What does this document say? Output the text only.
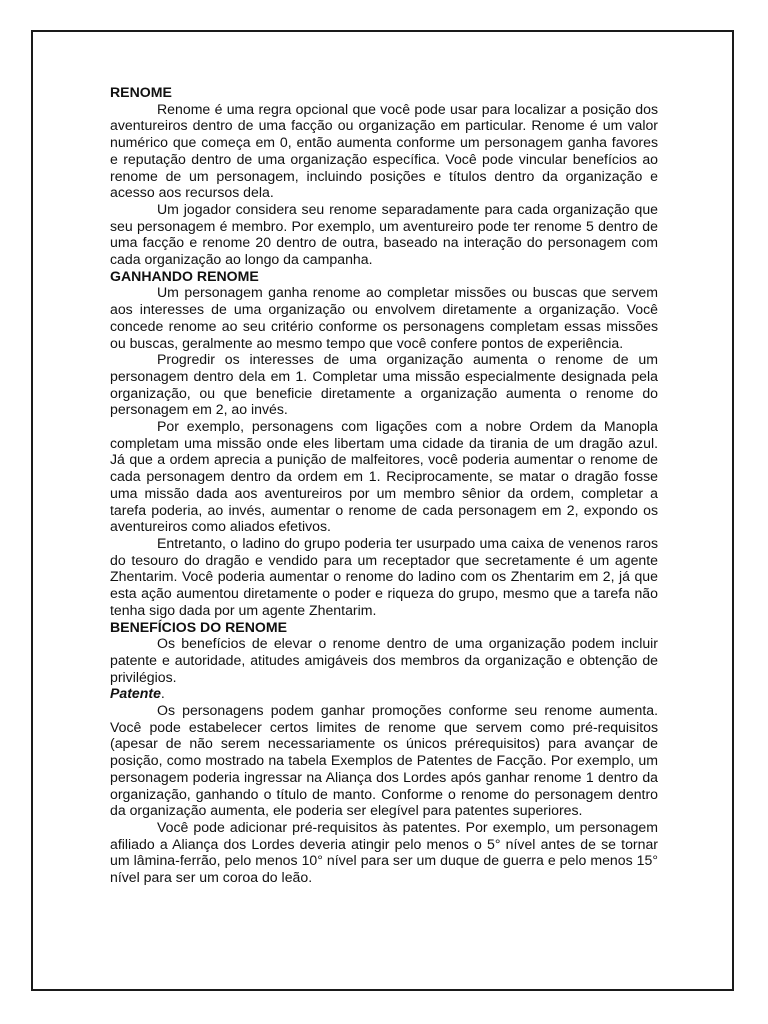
RENOME

Renome é uma regra opcional que você pode usar para localizar a posição dos aventureiros dentro de uma facção ou organização em particular. Renome é um valor numérico que começa em 0, então aumenta conforme um personagem ganha favores e reputação dentro de uma organização específica. Você pode vincular benefícios ao renome de um personagem, incluindo posições e títulos dentro da organização e acesso aos recursos dela.

Um jogador considera seu renome separadamente para cada organização que seu personagem é membro. Por exemplo, um aventureiro pode ter renome 5 dentro de uma facção e renome 20 dentro de outra, baseado na interação do personagem com cada organização ao longo da campanha.

GANHANDO RENOME

Um personagem ganha renome ao completar missões ou buscas que servem aos interesses de uma organização ou envolvem diretamente a organização. Você concede renome ao seu critério conforme os personagens completam essas missões ou buscas, geralmente ao mesmo tempo que você confere pontos de experiência.

Progredir os interesses de uma organização aumenta o renome de um personagem dentro dela em 1. Completar uma missão especialmente designada pela organização, ou que beneficie diretamente a organização aumenta o renome do personagem em 2, ao invés.

Por exemplo, personagens com ligações com a nobre Ordem da Manopla completam uma missão onde eles libertam uma cidade da tirania de um dragão azul. Já que a ordem aprecia a punição de malfeitores, você poderia aumentar o renome de cada personagem dentro da ordem em 1. Reciprocamente, se matar o dragão fosse uma missão dada aos aventureiros por um membro sênior da ordem, completar a tarefa poderia, ao invés, aumentar o renome de cada personagem em 2, expondo os aventureiros como aliados efetivos.

Entretanto, o ladino do grupo poderia ter usurpado uma caixa de venenos raros do tesouro do dragão e vendido para um receptador que secretamente é um agente Zhentarim. Você poderia aumentar o renome do ladino com os Zhentarim em 2, já que esta ação aumentou diretamente o poder e riqueza do grupo, mesmo que a tarefa não tenha sigo dada por um agente Zhentarim.

BENEFÍCIOS DO RENOME

Os benefícios de elevar o renome dentro de uma organização podem incluir patente e autoridade, atitudes amigáveis dos membros da organização e obtenção de privilégios.

Patente.

Os personagens podem ganhar promoções conforme seu renome aumenta. Você pode estabelecer certos limites de renome que servem como pré-requisitos (apesar de não serem necessariamente os únicos prérequisitos) para avançar de posição, como mostrado na tabela Exemplos de Patentes de Facção. Por exemplo, um personagem poderia ingressar na Aliança dos Lordes após ganhar renome 1 dentro da organização, ganhando o título de manto. Conforme o renome do personagem dentro da organização aumenta, ele poderia ser elegível para patentes superiores.

Você pode adicionar pré-requisitos às patentes. Por exemplo, um personagem afiliado a Aliança dos Lordes deveria atingir pelo menos o 5° nível antes de se tornar um lâmina-ferrão, pelo menos 10° nível para ser um duque de guerra e pelo menos 15° nível para ser um coroa do leão.
